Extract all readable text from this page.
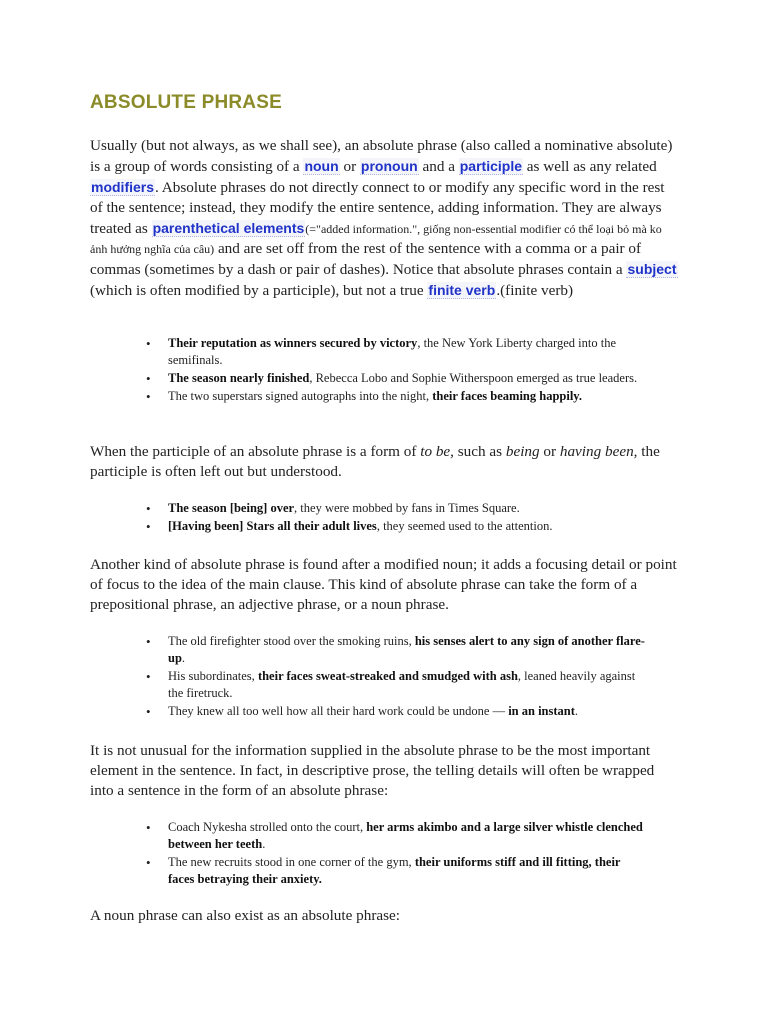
ABSOLUTE PHRASE

Usually (but not always, as we shall see), an absolute phrase (also called a nominative absolute) is a group of words consisting of a noun or pronoun and a participle as well as any related modifiers. Absolute phrases do not directly connect to or modify any specific word in the rest of the sentence; instead, they modify the entire sentence, adding information. They are always treated as parenthetical elements(="added information.", giống non-essential modifier có thể loại bỏ mà ko ảnh hưởng nghĩa của câu) and are set off from the rest of the sentence with a comma or a pair of commas (sometimes by a dash or pair of dashes). Notice that absolute phrases contain a subject (which is often modified by a participle), but not a true finite verb.(finite verb)

• Their reputation as winners secured by victory, the New York Liberty charged into the semifinals.
• The season nearly finished, Rebecca Lobo and Sophie Witherspoon emerged as true leaders.
• The two superstars signed autographs into the night, their faces beaming happily.

When the participle of an absolute phrase is a form of to be, such as being or having been, the participle is often left out but understood.

• The season [being] over, they were mobbed by fans in Times Square.
• [Having been] Stars all their adult lives, they seemed used to the attention.

Another kind of absolute phrase is found after a modified noun; it adds a focusing detail or point of focus to the idea of the main clause. This kind of absolute phrase can take the form of a prepositional phrase, an adjective phrase, or a noun phrase.

• The old firefighter stood over the smoking ruins, his senses alert to any sign of another flare-up.
• His subordinates, their faces sweat-streaked and smudged with ash, leaned heavily against the firetruck.
• They knew all too well how all their hard work could be undone — in an instant.

It is not unusual for the information supplied in the absolute phrase to be the most important element in the sentence. In fact, in descriptive prose, the telling details will often be wrapped into a sentence in the form of an absolute phrase:

• Coach Nykesha strolled onto the court, her arms akimbo and a large silver whistle clenched between her teeth.
• The new recruits stood in one corner of the gym, their uniforms stiff and ill fitting, their faces betraying their anxiety.

A noun phrase can also exist as an absolute phrase:
